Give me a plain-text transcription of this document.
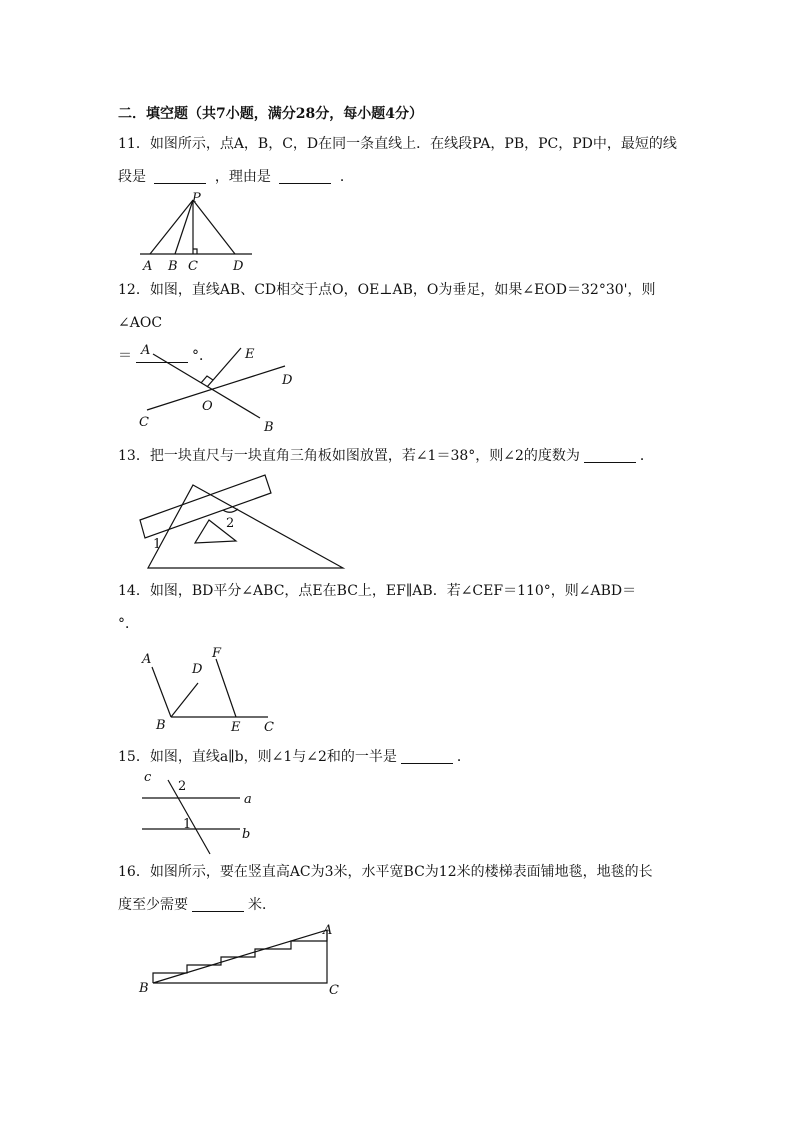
二．填空题（共7小题，满分28分，每小题4分）
11．如图所示，点A，B，C，D在同一条直线上．在线段PA，PB，PC，PD中，最短的线
段是	，理由是	．
P
A B C	D
12．如图，直线AB、CD相交于点O，OE⊥AB，O为垂足，如果∠EOD＝32°30'，则∠AOC
＝	°．
A	E
D
O
C	B
13．把一块直尺与一块直角三角板如图放置，若∠1＝38°，则∠2的度数为	．
2
1
14．如图，BD平分∠ABC，点E在BC上，EF∥AB．若∠CEF＝110°，则∠ABD＝
°．
A
D
F
B	E C
15．如图，直线a∥b，则∠1与∠2和的一半是	．
c
2
a
1
b
16．如图所示，要在竖直高AC为3米，水平宽BC为12米的楼梯表面铺地毯，地毯的长
度至少需要	米．
A
B	C
